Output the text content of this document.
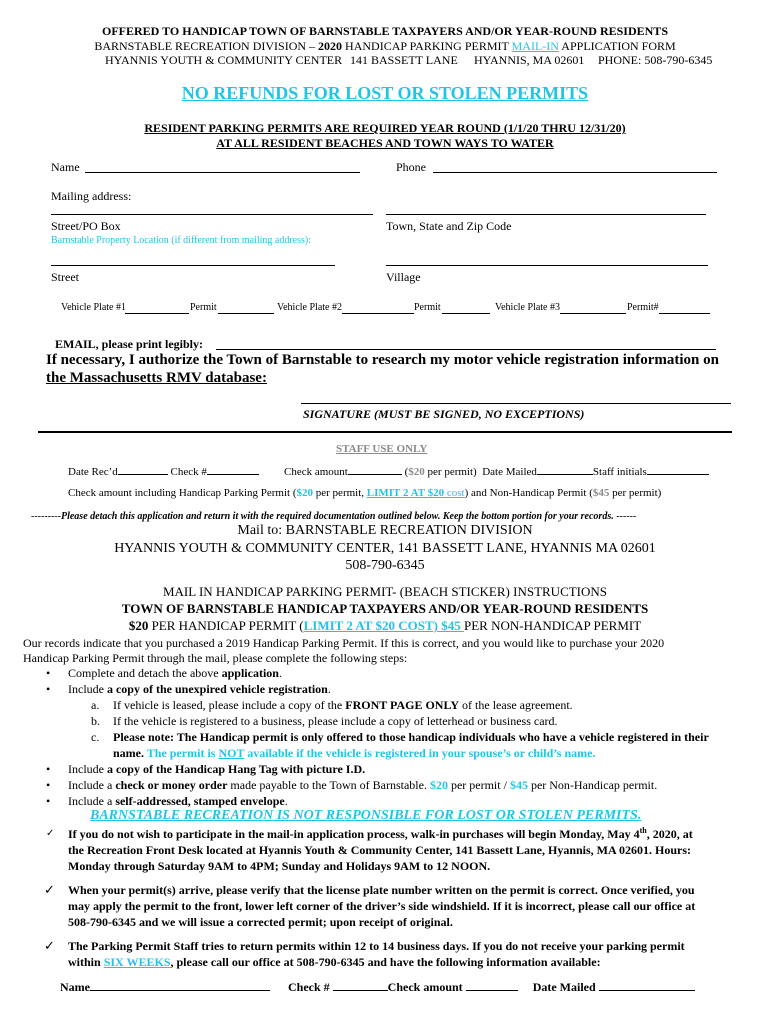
OFFERED TO HANDICAP TOWN OF BARNSTABLE TAXPAYERS AND/OR YEAR-ROUND RESIDENTS
BARNSTABLE RECREATION DIVISION – 2020 HANDICAP PARKING PERMIT MAIL-IN APPLICATION FORM
HYANNIS YOUTH & COMMUNITY CENTER 141 BASSETT LANE HYANNIS, MA 02601 PHONE: 508-790-6345
NO REFUNDS FOR LOST OR STOLEN PERMITS
RESIDENT PARKING PERMITS ARE REQUIRED YEAR ROUND (1/1/20 THRU 12/31/20)
AT ALL RESIDENT BEACHES AND TOWN WAYS TO WATER
Name	Phone
Mailing address:
Street/PO Box	Town, State and Zip Code
Barnstable Property Location (if different from mailing address):
Street	Village
Vehicle Plate #1	Permit	Vehicle Plate #2	Permit	Vehicle Plate #3	Permit#
EMAIL, please print legibly:
If necessary, I authorize the Town of Barnstable to research my motor vehicle registration information on
the Massachusetts RMV database:
SIGNATURE (MUST BE SIGNED, NO EXCEPTIONS)
STAFF USE ONLY
Date Rec’d	Check #	Check amount	($20 per permit) Date Mailed	Staff initials
Check amount including Handicap Parking Permit ($20 per permit, LIMIT 2 AT $20 cost) and Non-Handicap Permit ($45 per permit)
---------Please detach this application and return it with the required documentation outlined below. Keep the bottom portion for your records. ------
Mail to: BARNSTABLE RECREATION DIVISION
HYANNIS YOUTH & COMMUNITY CENTER, 141 BASSETT LANE, HYANNIS MA 02601
508-790-6345
MAIL IN HANDICAP PARKING PERMIT- (BEACH STICKER) INSTRUCTIONS
TOWN OF BARNSTABLE HANDICAP TAXPAYERS AND/OR YEAR-ROUND RESIDENTS
$20 PER HANDICAP PERMIT (LIMIT 2 AT $20 COST) $45 PER NON-HANDICAP PERMIT
Our records indicate that you purchased a 2019 Handicap Parking Permit. If this is correct, and you would like to purchase your 2020
Handicap Parking Permit through the mail, please complete the following steps:
• Complete and detach the above application.
• Include a copy of the unexpired vehicle registration.
a. If vehicle is leased, please include a copy of the FRONT PAGE ONLY of the lease agreement.
b. If the vehicle is registered to a business, please include a copy of letterhead or business card.
c. Please note: The Handicap permit is only offered to those handicap individuals who have a vehicle registered in their
name. The permit is NOT available if the vehicle is registered in your spouse’s or child’s name.
• Include a copy of the Handicap Hang Tag with picture I.D.
• Include a check or money order made payable to the Town of Barnstable. $20 per permit / $45 per Non-Handicap permit.
• Include a self-addressed, stamped envelope.
BARNSTABLE RECREATION IS NOT RESPONSIBLE FOR LOST OR STOLEN PERMITS.
✓ If you do not wish to participate in the mail-in application process, walk-in purchases will begin Monday, May 4th, 2020, at
the Recreation Front Desk located at Hyannis Youth & Community Center, 141 Bassett Lane, Hyannis, MA 02601. Hours:
Monday through Saturday 9AM to 4PM; Sunday and Holidays 9AM to 12 NOON.
✓ When your permit(s) arrive, please verify that the license plate number written on the permit is correct. Once verified, you
may apply the permit to the front, lower left corner of the driver’s side windshield. If it is incorrect, please call our office at
508-790-6345 and we will issue a corrected permit; upon receipt of original.
✓ The Parking Permit Staff tries to return permits within 12 to 14 business days. If you do not receive your parking permit
within SIX WEEKS, please call our office at 508-790-6345 and have the following information available:
Name	Check #	Check amount	Date Mailed
